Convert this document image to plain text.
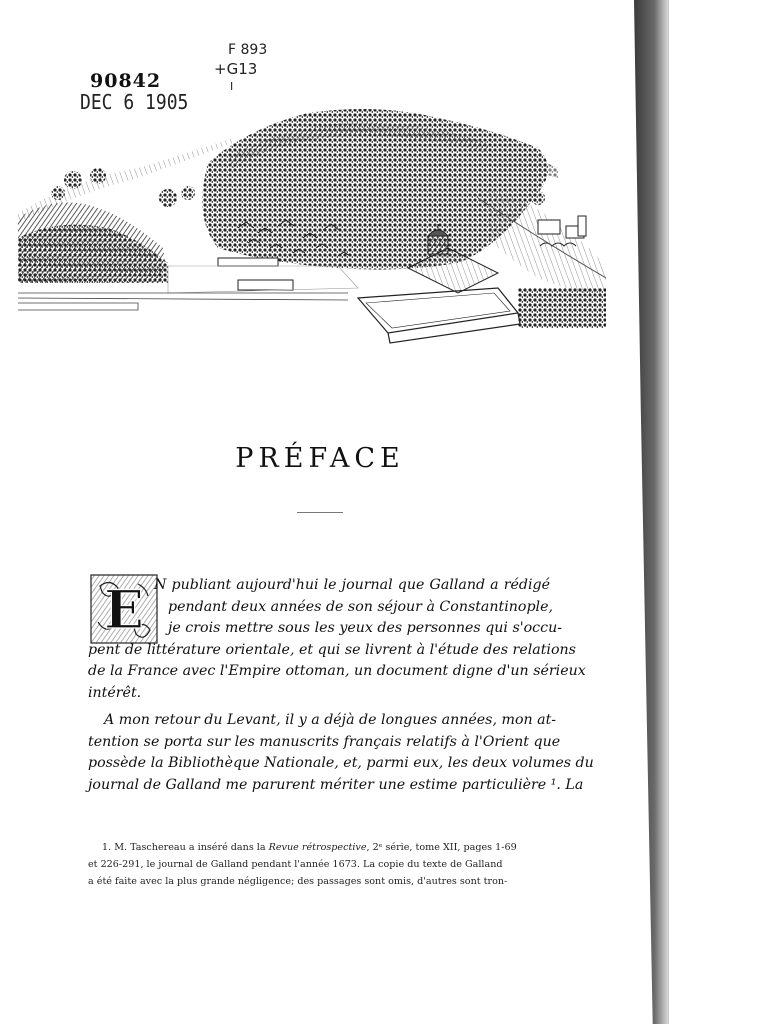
90842
DEC 6 1905
F 893
+G13
I
PRÉFACE
E N publiant aujourd'hui le journal que Galland a rédigé
pendant deux années de son séjour à Constantinople,
je crois mettre sous les yeux des personnes qui s'occu-
pent de littérature orientale, et qui se livrent à l'étude des relations
de la France avec l'Empire ottoman, un document digne d'un sérieux
intérêt.
A mon retour du Levant, il y a déjà de longues années, mon at-
tention se porta sur les manuscrits français relatifs à l'Orient que
possède la Bibliothèque Nationale, et, parmi eux, les deux volumes du
journal de Galland me parurent mériter une estime particulière ¹. La
1. M. Taschereau a inséré dans la Revue rétrospective, 2ᵉ série, tome XII, pages 1-69
et 226-291, le journal de Galland pendant l'année 1673. La copie du texte de Galland
a été faite avec la plus grande négligence; des passages sont omis, d'autres sont tron-
